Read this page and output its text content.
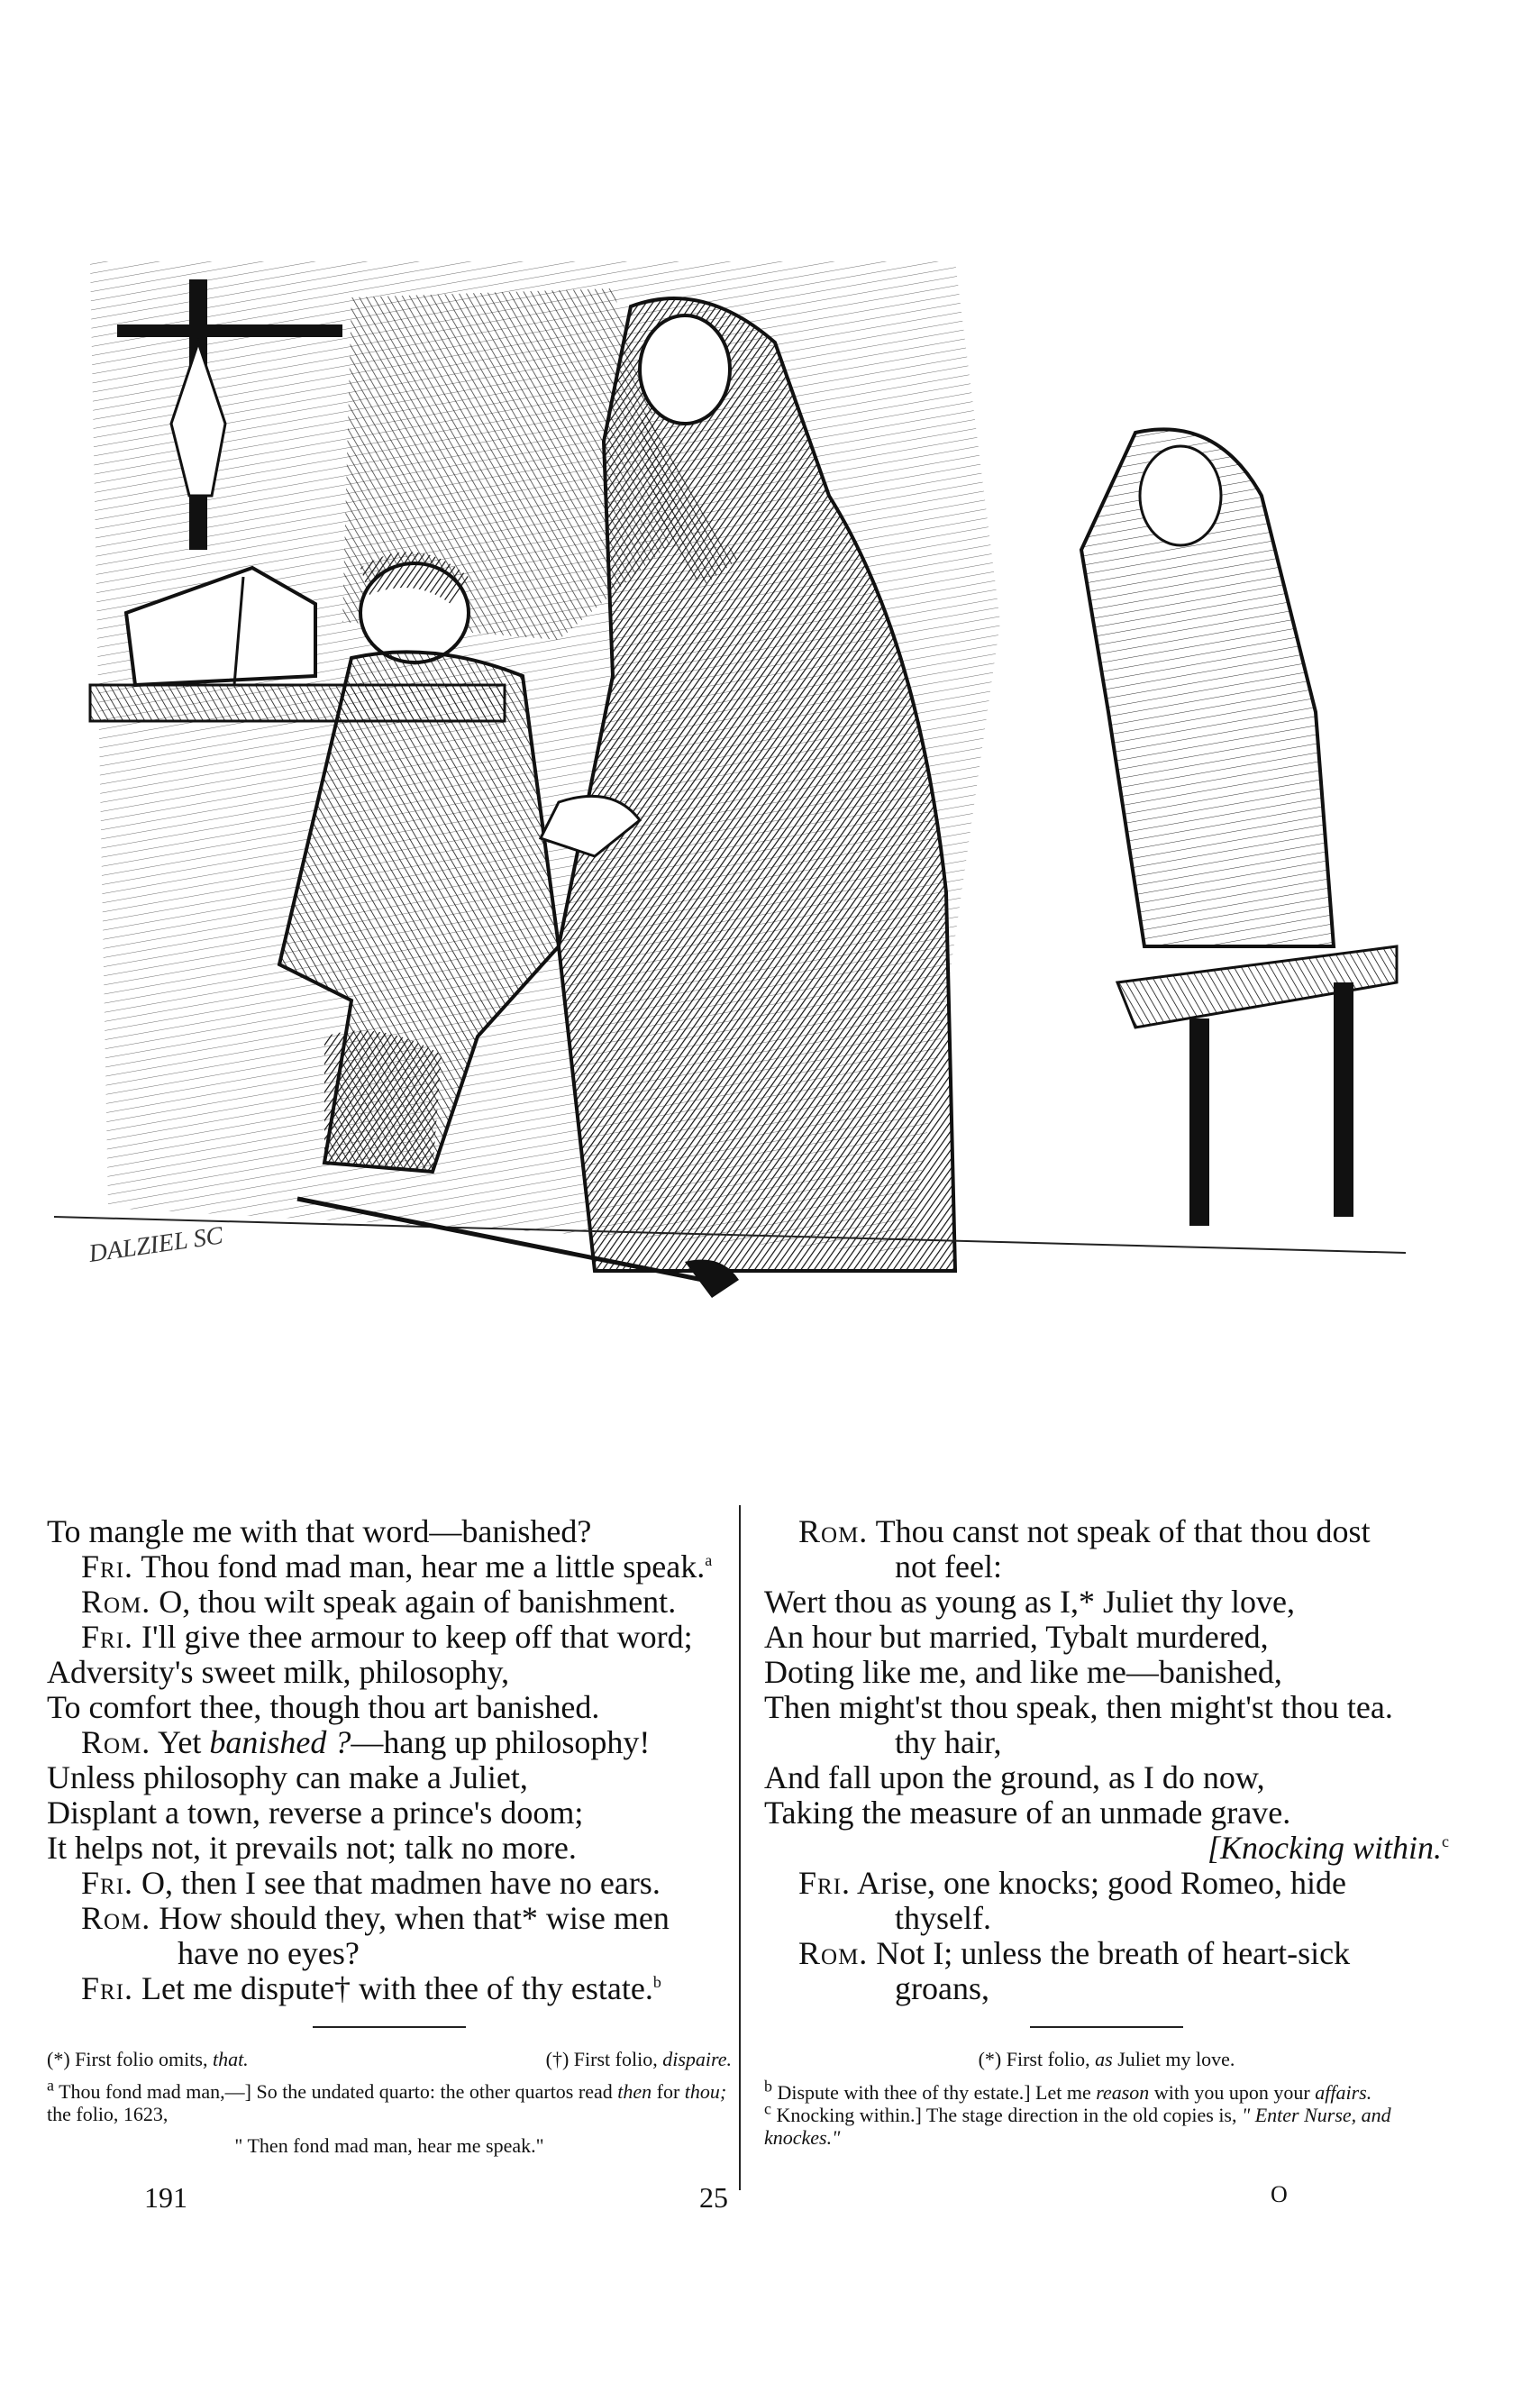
DALZIEL SC
To mangle me with that word—banished?
Fri. Thou fond mad man, hear me a little speak.$^a$
Rom. O, thou wilt speak again of banishment.
Fri. I'll give thee armour to keep off that word;
Adversity's sweet milk, philosophy,
To comfort thee, though thou art banished.
Rom. Yet banished ?—hang up philosophy!
Unless philosophy can make a Juliet,
Displant a town, reverse a prince's doom;
It helps not, it prevails not; talk no more.
Fri. O, then I see that madmen have no ears.
Rom. How should they, when that* wise men
have no eyes?
Fri. Let me dispute† with thee of thy estate.$^b$
(*) First folio omits, that.	(†) First folio, dispaire.
$^a$ Thou fond mad man,—] So the undated quarto: the other quartos read then for thou; the folio, 1623,
" Then fond mad man, hear me speak."
191	25	O
Rom. Thou canst not speak of that thou dost
not feel:
Wert thou as young as I,* Juliet thy love,
An hour but married, Tybalt murdered,
Doting like me, and like me—banished,
Then might'st thou speak, then might'st thou tea.
thy hair,
And fall upon the ground, as I do now,
Taking the measure of an unmade grave.
[Knocking within.$^c$
Fri. Arise, one knocks; good Romeo, hide
thyself.
Rom. Not I; unless the breath of heart-sick
groans,
(*) First folio, as Juliet my love.
$^b$ Dispute with thee of thy estate.] Let me reason with you upon your affairs.
$^c$ Knocking within.] The stage direction in the old copies is, " Enter Nurse, and knockes."
